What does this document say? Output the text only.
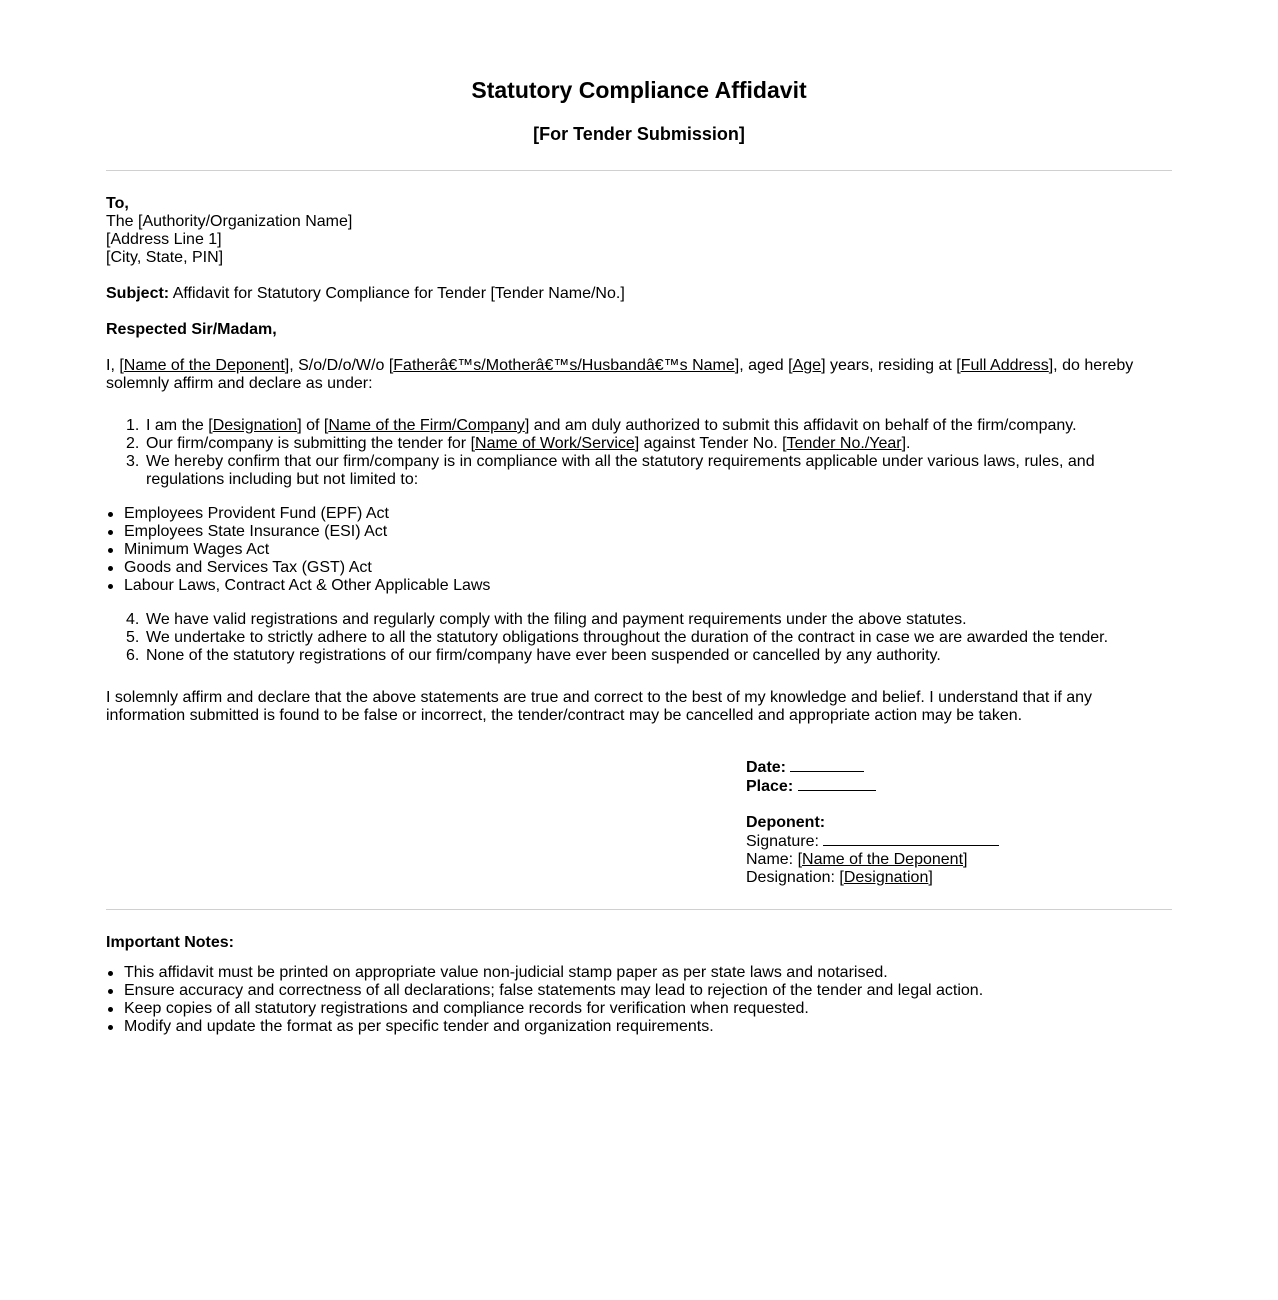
Statutory Compliance Affidavit
[For Tender Submission]
To,
The [Authority/Organization Name]
[Address Line 1]
[City, State, PIN]
Subject: Affidavit for Statutory Compliance for Tender [Tender Name/No.]
Respected Sir/Madam,
I, [Name of the Deponent], S/o/D/o/W/o [Fatherâ€™s/Motherâ€™s/Husbandâ€™s Name], aged [Age] years, residing at [Full Address], do hereby solemnly affirm and declare as under:
1. I am the [Designation] of [Name of the Firm/Company] and am duly authorized to submit this affidavit on behalf of the firm/company.
2. Our firm/company is submitting the tender for [Name of Work/Service] against Tender No. [Tender No./Year].
3. We hereby confirm that our firm/company is in compliance with all the statutory requirements applicable under various laws, rules, and regulations including but not limited to:
Employees Provident Fund (EPF) Act
Employees State Insurance (ESI) Act
Minimum Wages Act
Goods and Services Tax (GST) Act
Labour Laws, Contract Act & Other Applicable Laws
4. We have valid registrations and regularly comply with the filing and payment requirements under the above statutes.
5. We undertake to strictly adhere to all the statutory obligations throughout the duration of the contract in case we are awarded the tender.
6. None of the statutory registrations of our firm/company have ever been suspended or cancelled by any authority.
I solemnly affirm and declare that the above statements are true and correct to the best of my knowledge and belief. I understand that if any information submitted is found to be false or incorrect, the tender/contract may be cancelled and appropriate action may be taken.
Date:
Place:
Deponent:
Signature:
Name: [Name of the Deponent]
Designation: [Designation]
Important Notes:
This affidavit must be printed on appropriate value non-judicial stamp paper as per state laws and notarised.
Ensure accuracy and correctness of all declarations; false statements may lead to rejection of the tender and legal action.
Keep copies of all statutory registrations and compliance records for verification when requested.
Modify and update the format as per specific tender and organization requirements.
